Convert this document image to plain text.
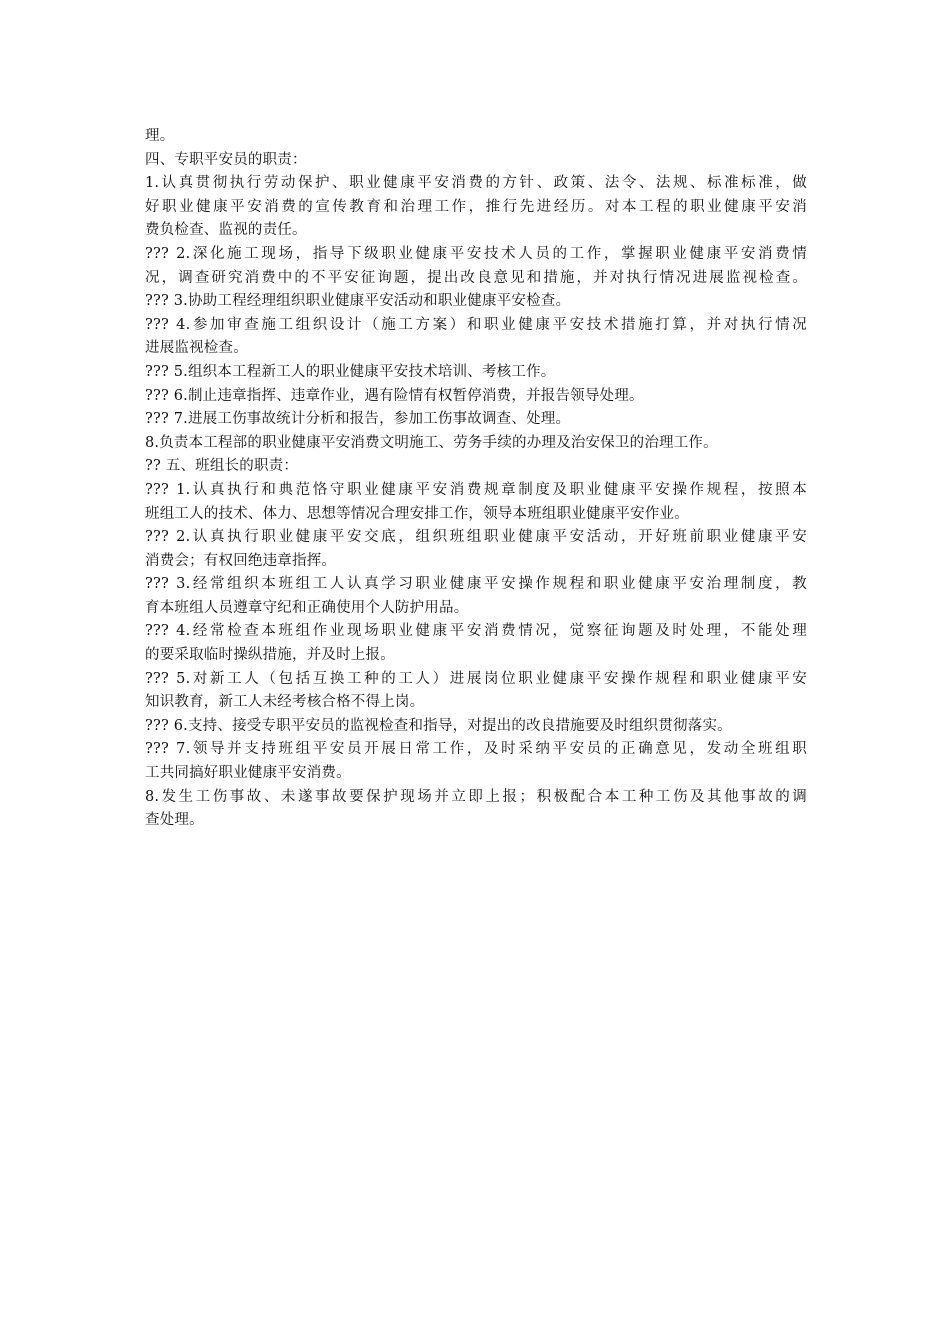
理。
四、专职平安员的职责：
1.认真贯彻执行劳动保护、职业健康平安消费的方针、政策、法令、法规、标准标准，做
好职业健康平安消费的宣传教育和治理工作，推行先进经历。对本工程的职业健康平安消
费负检查、监视的责任。
??? 2.深化施工现场，指导下级职业健康平安技术人员的工作，掌握职业健康平安消费情
况，调查研究消费中的不平安征询题，提出改良意见和措施，并对执行情况进展监视检查。
??? 3.协助工程经理组织职业健康平安活动和职业健康平安检查。
??? 4.参加审查施工组织设计（施工方案）和职业健康平安技术措施打算，并对执行情况
进展监视检查。
??? 5.组织本工程新工人的职业健康平安技术培训、考核工作。
??? 6.制止违章指挥、违章作业，遇有险情有权暂停消费，并报告领导处理。
??? 7.进展工伤事故统计分析和报告，参加工伤事故调查、处理。
8.负责本工程部的职业健康平安消费文明施工、劳务手续的办理及治安保卫的治理工作。
?? 五、班组长的职责：
??? 1.认真执行和典范恪守职业健康平安消费规章制度及职业健康平安操作规程，按照本
班组工人的技术、体力、思想等情况合理安排工作，领导本班组职业健康平安作业。
??? 2.认真执行职业健康平安交底，组织班组职业健康平安活动，开好班前职业健康平安
消费会；有权回绝违章指挥。
??? 3.经常组织本班组工人认真学习职业健康平安操作规程和职业健康平安治理制度，教
育本班组人员遵章守纪和正确使用个人防护用品。
??? 4.经常检查本班组作业现场职业健康平安消费情况，觉察征询题及时处理，不能处理
的要采取临时操纵措施，并及时上报。
??? 5.对新工人（包括互换工种的工人）进展岗位职业健康平安操作规程和职业健康平安
知识教育，新工人未经考核合格不得上岗。
??? 6.支持、接受专职平安员的监视检查和指导，对提出的改良措施要及时组织贯彻落实。
??? 7.领导并支持班组平安员开展日常工作，及时采纳平安员的正确意见，发动全班组职
工共同搞好职业健康平安消费。
8.发生工伤事故、未遂事故要保护现场并立即上报；积极配合本工种工伤及其他事故的调
查处理。
